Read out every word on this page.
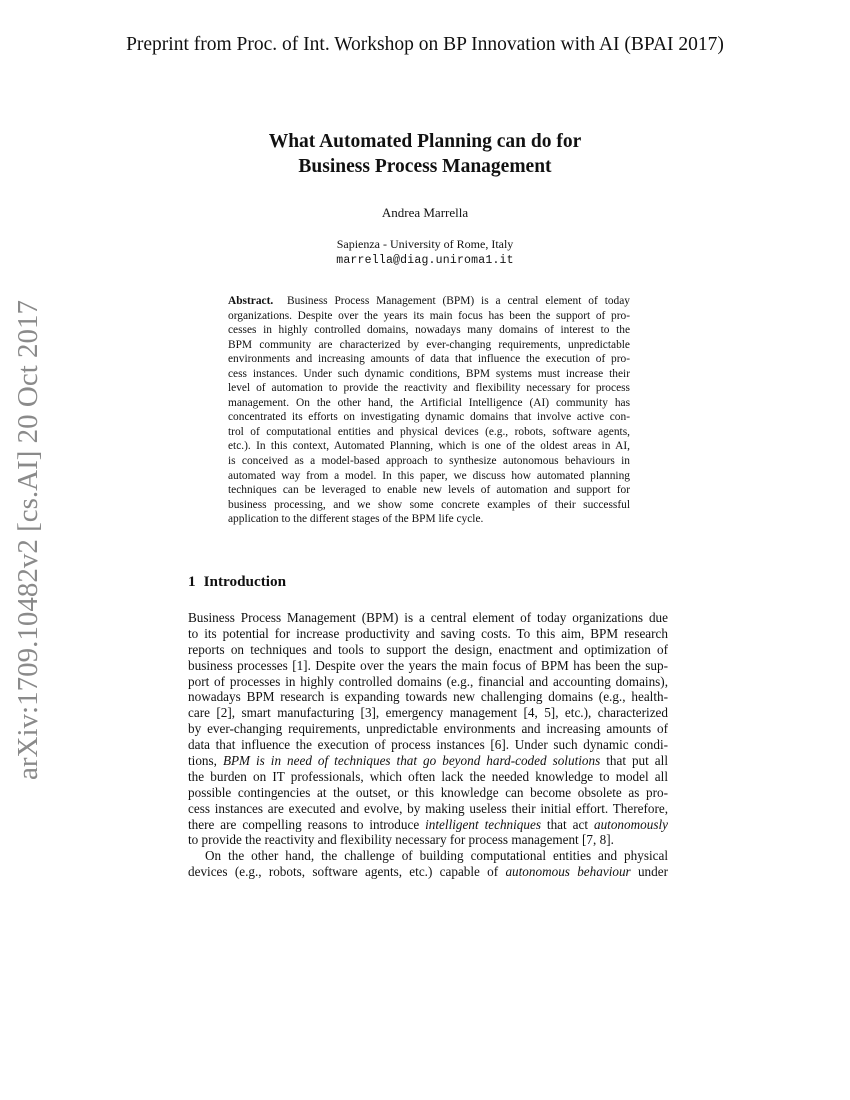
Preprint from Proc. of Int. Workshop on BP Innovation with AI (BPAI 2017)
arXiv:1709.10482v2 [cs.AI] 20 Oct 2017
What Automated Planning can do for
Business Process Management
Andrea Marrella
Sapienza - University of Rome, Italy
marrella@diag.uniroma1.it
Abstract. Business Process Management (BPM) is a central element of today
organizations. Despite over the years its main focus has been the support of pro-
cesses in highly controlled domains, nowadays many domains of interest to the
BPM community are characterized by ever-changing requirements, unpredictable
environments and increasing amounts of data that influence the execution of pro-
cess instances. Under such dynamic conditions, BPM systems must increase their
level of automation to provide the reactivity and flexibility necessary for process
management. On the other hand, the Artificial Intelligence (AI) community has
concentrated its efforts on investigating dynamic domains that involve active con-
trol of computational entities and physical devices (e.g., robots, software agents,
etc.). In this context, Automated Planning, which is one of the oldest areas in AI,
is conceived as a model-based approach to synthesize autonomous behaviours in
automated way from a model. In this paper, we discuss how automated planning
techniques can be leveraged to enable new levels of automation and support for
business processing, and we show some concrete examples of their successful
application to the different stages of the BPM life cycle.
1 Introduction
Business Process Management (BPM) is a central element of today organizations due
to its potential for increase productivity and saving costs. To this aim, BPM research
reports on techniques and tools to support the design, enactment and optimization of
business processes [1]. Despite over the years the main focus of BPM has been the sup-
port of processes in highly controlled domains (e.g., financial and accounting domains),
nowadays BPM research is expanding towards new challenging domains (e.g., health-
care [2], smart manufacturing [3], emergency management [4, 5], etc.), characterized
by ever-changing requirements, unpredictable environments and increasing amounts of
data that influence the execution of process instances [6]. Under such dynamic condi-
tions, BPM is in need of techniques that go beyond hard-coded solutions that put all
the burden on IT professionals, which often lack the needed knowledge to model all
possible contingencies at the outset, or this knowledge can become obsolete as pro-
cess instances are executed and evolve, by making useless their initial effort. Therefore,
there are compelling reasons to introduce intelligent techniques that act autonomously
to provide the reactivity and flexibility necessary for process management [7, 8].
On the other hand, the challenge of building computational entities and physical
devices (e.g., robots, software agents, etc.) capable of autonomous behaviour under
